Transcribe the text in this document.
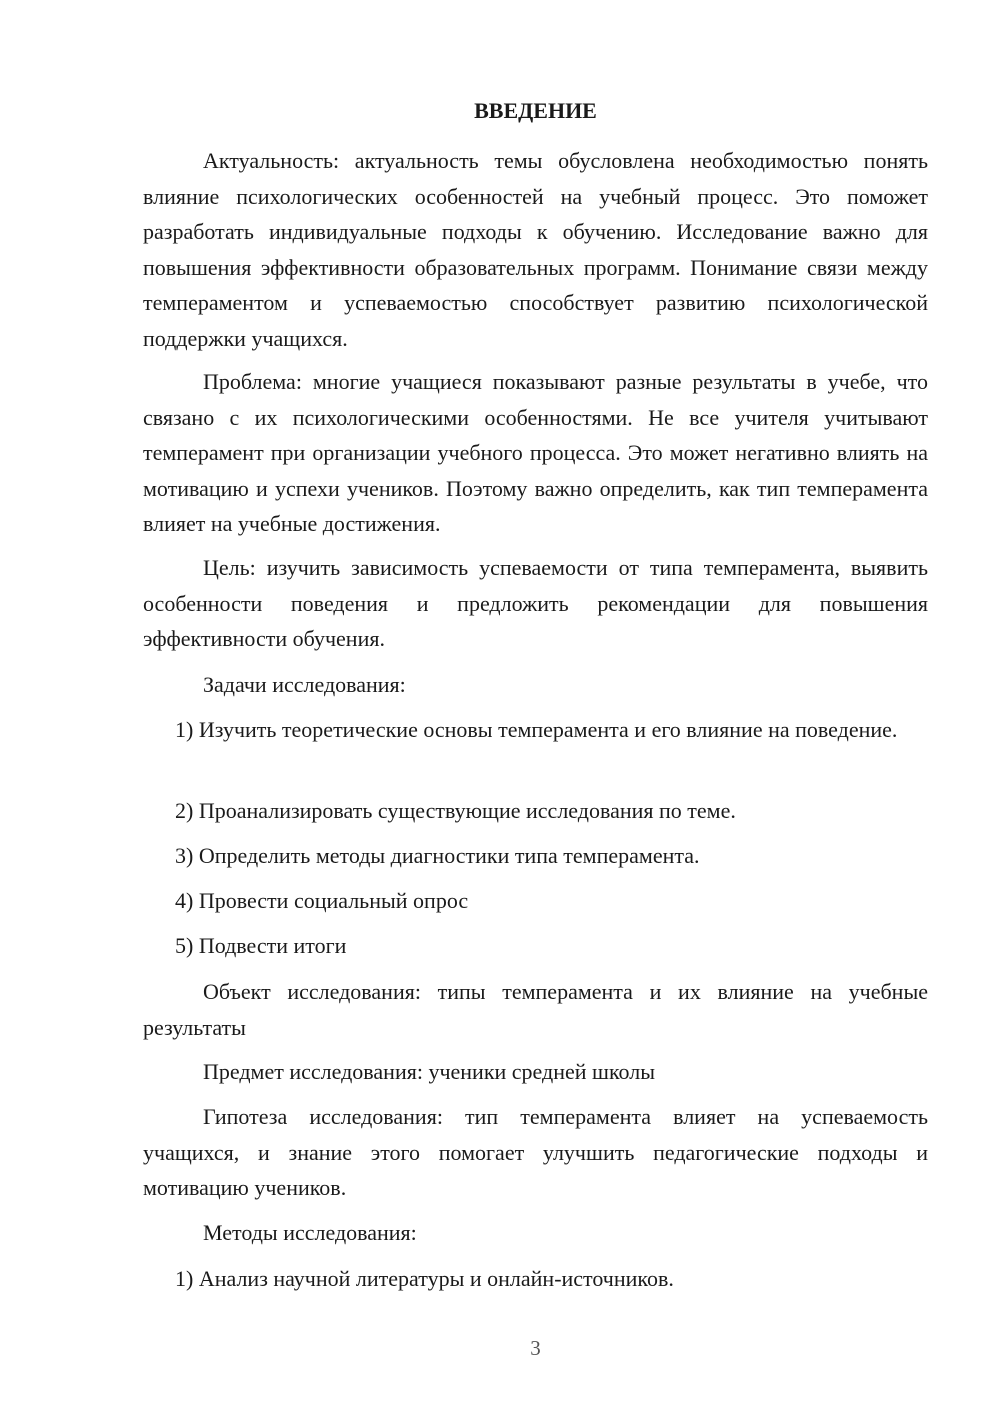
ВВЕДЕНИЕ

Актуальность: актуальность темы обусловлена необходимостью понять влияние психологических особенностей на учебный процесс. Это поможет разработать индивидуальные подходы к обучению. Исследование важно для повышения эффективности образовательных программ. Понимание связи между темпераментом и успеваемостью способствует развитию психологической поддержки учащихся.

Проблема: многие учащиеся показывают разные результаты в учебе, что связано с их психологическими особенностями. Не все учителя учитывают темперамент при организации учебного процесса. Это может негативно влиять на мотивацию и успехи учеников. Поэтому важно определить, как тип темперамента влияет на учебные достижения.

Цель: изучить зависимость успеваемости от типа темперамента, выявить особенности поведения и предложить рекомендации для повышения эффективности обучения.

Задачи исследования:

1) Изучить теоретические основы темперамента и его влияние на поведение.

2) Проанализировать существующие исследования по теме.

3) Определить методы диагностики типа темперамента.

4) Провести социальный опрос

5) Подвести итоги

Объект исследования: типы темперамента и их влияние на учебные результаты

Предмет исследования: ученики средней школы

Гипотеза исследования: тип темперамента влияет на успеваемость учащихся, и знание этого помогает улучшить педагогические подходы и мотивацию учеников.

Методы исследования:

1) Анализ научной литературы и онлайн-источников.

3
